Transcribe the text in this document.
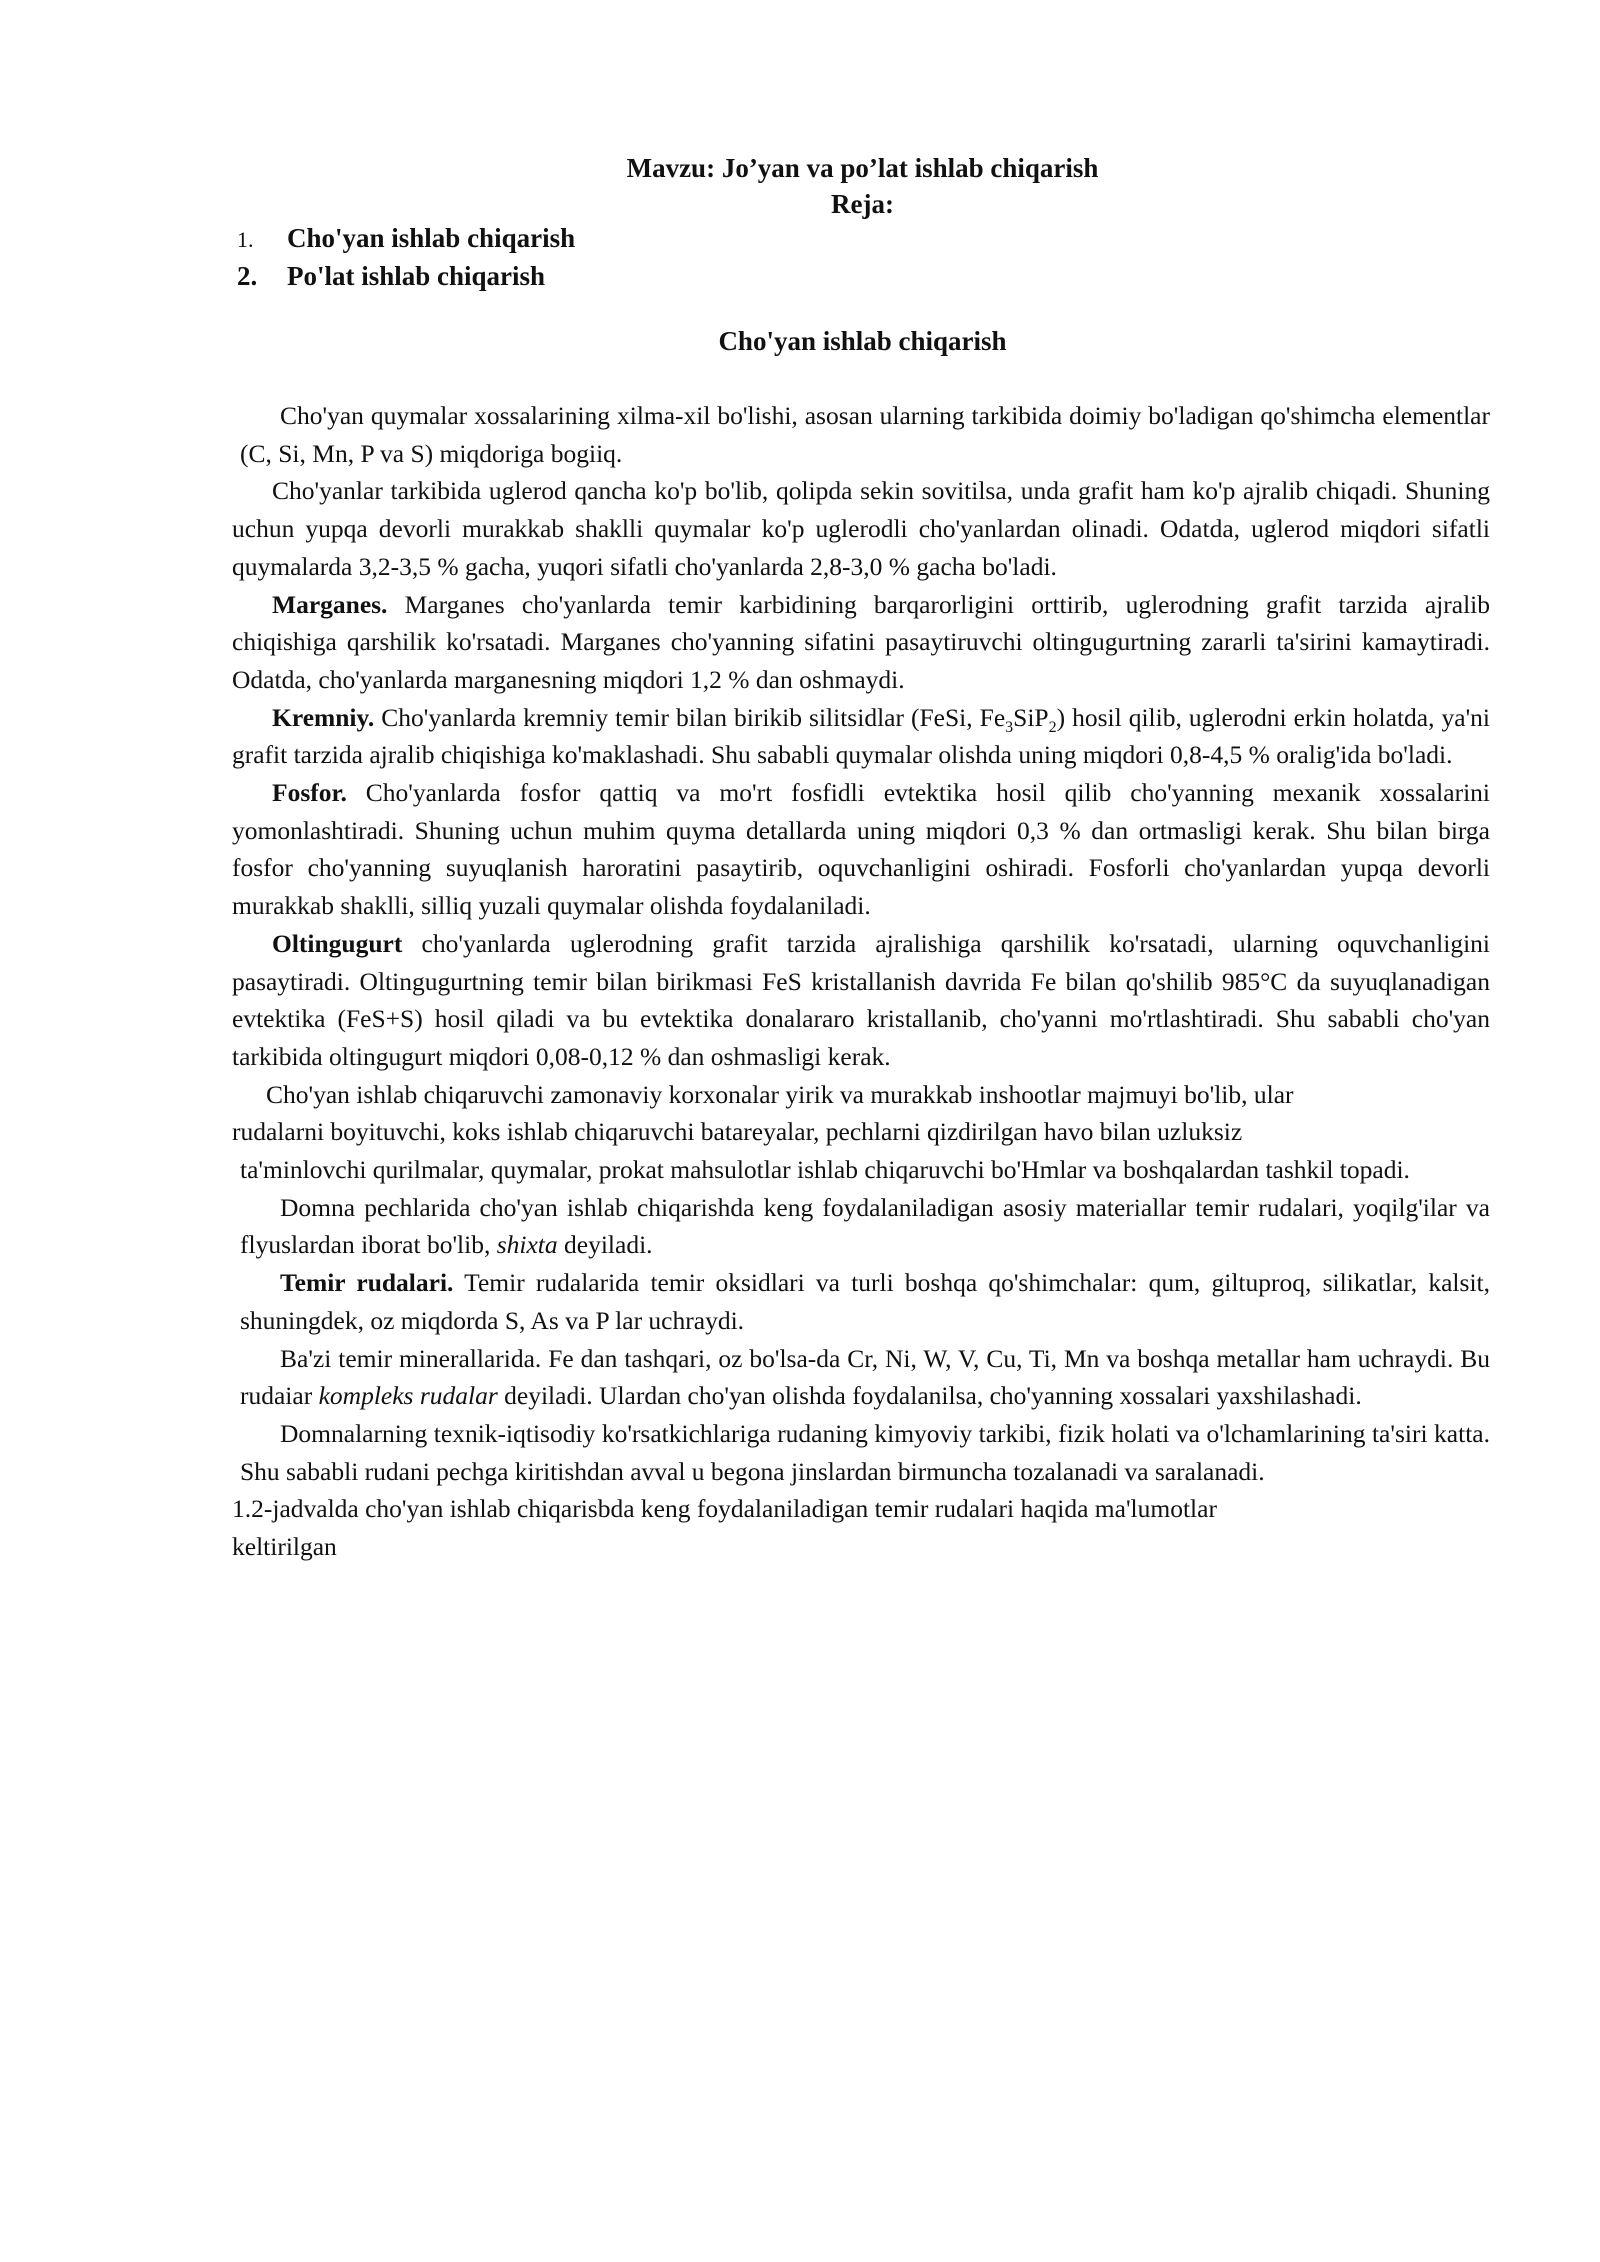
Mavzu: Jo’yan va po’lat ishlab chiqarish
Reja:
1. Cho'yan ishlab chiqarish
2. Po'lat ishlab chiqarish
Cho'yan ishlab chiqarish

Cho'yan quymalar xossalarining xilma-xil bo'lishi, asosan ularning tarkibida doimiy bo'ladigan qo'shimcha elementlar (C, Si, Mn, P va S) miqdoriga bogiiq.

Cho'yanlar tarkibida uglerod qancha ko'p bo'lib, qolipda sekin sovitilsa, unda grafit ham ko'p ajralib chiqadi. Shuning uchun yupqa devorli murakkab shaklli quymalar ko'p uglerodli cho'yanlardan olinadi. Odatda, uglerod miqdori sifatli quymalarda 3,2-3,5 % gacha, yuqori sifatli cho'yanlarda 2,8-3,0 % gacha bo'ladi.

Marganes. Marganes cho'yanlarda temir karbidining barqarorligini orttirib, uglerodning grafit tarzida ajralib chiqishiga qarshilik ko'rsatadi. Marganes cho'yanning sifatini pasaytiruvchi oltingugurtning zararli ta'sirini kamaytiradi. Odatda, cho'yanlarda marganesning miqdori 1,2 % dan oshmaydi.

Kremniy. Cho'yanlarda kremniy temir bilan birikib silitsidlar (FeSi, $Fe_3SiP_2$) hosil qilib, uglerodni erkin holatda, ya'ni grafit tarzida ajralib chiqishiga ko'maklashadi. Shu sababli quymalar olishda uning miqdori 0,8-4,5 % oralig'ida bo'ladi.

Fosfor. Cho'yanlarda fosfor qattiq va mo'rt fosfidli evtektika hosil qilib cho'yanning mexanik xossalarini yomonlashtiradi. Shuning uchun muhim quyma detallarda uning miqdori 0,3 % dan ortmasligi kerak. Shu bilan birga fosfor cho'yanning suyuqlanish haroratini pasaytirib, oquvchanligini oshiradi. Fosforli cho'yanlardan yupqa devorli murakkab shaklli, silliq yuzali quymalar olishda foydalaniladi.

Oltingugurt cho'yanlarda uglerodning grafit tarzida ajralishiga qarshilik ko'rsatadi, ularning oquvchanligini pasaytiradi. Oltingugurtning temir bilan birikmasi FeS kristallanish davrida Fe bilan qo'shilib 985°C da suyuqlanadigan evtektika (FeS+S) hosil qiladi va bu evtektika donalararo kristallanib, cho'yanni mo'rtlashtiradi. Shu sababli cho'yan tarkibida oltingugurt miqdori 0,08-0,12 % dan oshmasligi kerak.

Cho'yan ishlab chiqaruvchi zamonaviy korxonalar yirik va murakkab inshootlar majmuyi bo'lib, ular
rudalarni boyituvchi, koks ishlab chiqaruvchi batareyalar, pechlarni qizdirilgan havo bilan uzluksiz
ta'minlovchi qurilmalar, quymalar, prokat mahsulotlar ishlab chiqaruvchi bo'Hmlar va boshqalardan tashkil topadi.

Domna pechlarida cho'yan ishlab chiqarishda keng foydalaniladigan asosiy materiallar temir rudalari, yoqilg'ilar va flyuslardan iborat bo'lib, shixta deyiladi.

Temir rudalari. Temir rudalarida temir oksidlari va turli boshqa qo'shimchalar: qum, giltuproq, silikatlar, kalsit, shuningdek, oz miqdorda S, As va P lar uchraydi.

Ba'zi temir minerallarida. Fe dan tashqari, oz bo'lsa-da Cr, Ni, W, V, Cu, Ti, Mn va boshqa metallar ham uchraydi. Bu rudaiar kompleks rudalar deyiladi. Ulardan cho'yan olishda foydalanilsa, cho'yanning xossalari yaxshilashadi.

Domnalarning texnik-iqtisodiy ko'rsatkichlariga rudaning kimyoviy tarkibi, fizik holati va o'lchamlarining ta'siri katta. Shu sababli rudani pechga kiritishdan avval u begona jinslardan birmuncha tozalanadi va saralanadi.

1.2-jadvalda cho'yan ishlab chiqarisbda keng foydalaniladigan temir rudalari haqida ma'lumotlar
keltirilgan
